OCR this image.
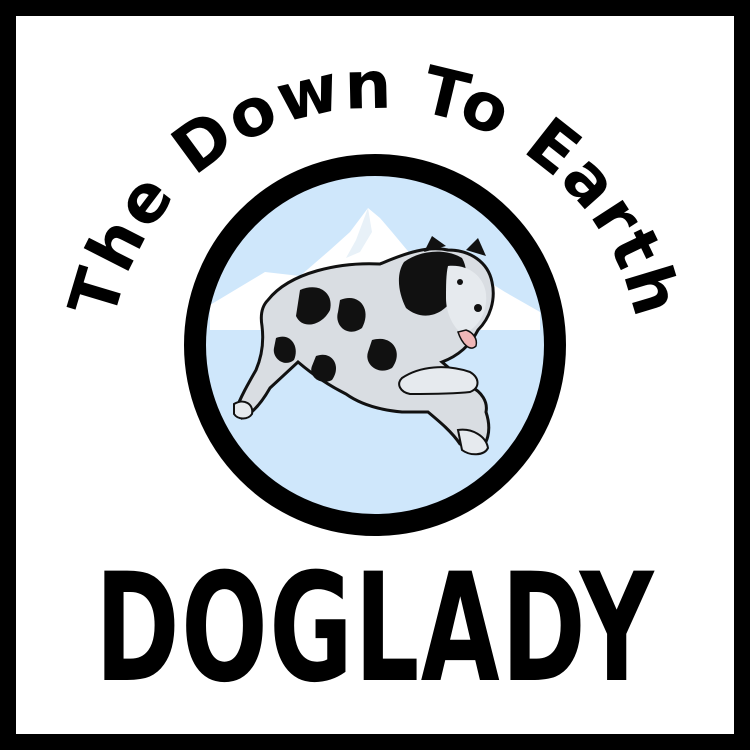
The Down To Earth
DOGLADY
